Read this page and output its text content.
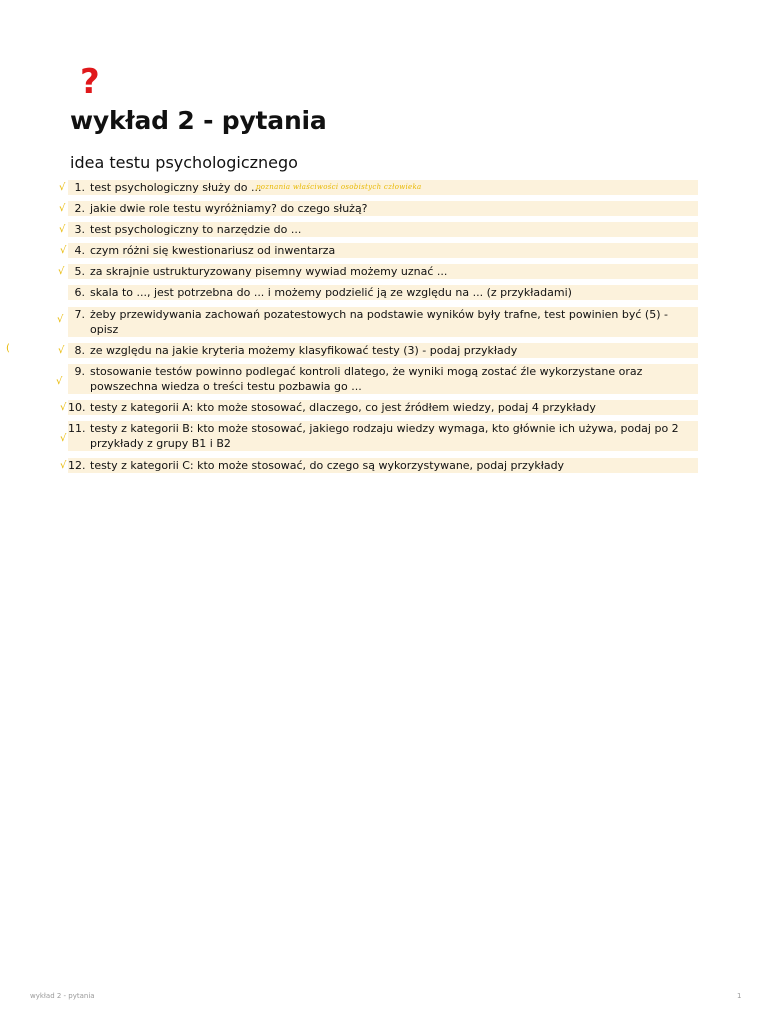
?
wykład 2 - pytania
idea testu psychologicznego
1. test psychologiczny służy do ...
2. jakie dwie role testu wyróżniamy? do czego służą?
3. test psychologiczny to narzędzie do ...
4. czym różni się kwestionariusz od inwentarza
5. za skrajnie ustrukturyzowany pisemny wywiad możemy uznać ...
6. skala to ..., jest potrzebna do ... i możemy podzielić ją ze względu na ... (z przykładami)
7. żeby przewidywania zachowań pozatestowych na podstawie wyników były trafne, test powinien być (5) - opisz
8. ze względu na jakie kryteria możemy klasyfikować testy (3) - podaj przykłady
9. stosowanie testów powinno podlegać kontroli dlatego, że wyniki mogą zostać źle wykorzystane oraz powszechna wiedza o treści testu pozbawia go ...
10. testy z kategorii A: kto może stosować, dlaczego, co jest źródłem wiedzy, podaj 4 przykłady
11. testy z kategorii B: kto może stosować, jakiego rodzaju wiedzy wymaga, kto głównie ich używa, podaj po 2 przykłady z grupy B1 i B2
12. testy z kategorii C: kto może stosować, do czego są wykorzystywane, podaj przykłady
√
√
√
√
√
√
(	√
√
√
√
√
poznania właściwości osobistych człowieka
wykład 2 - pytania	1
